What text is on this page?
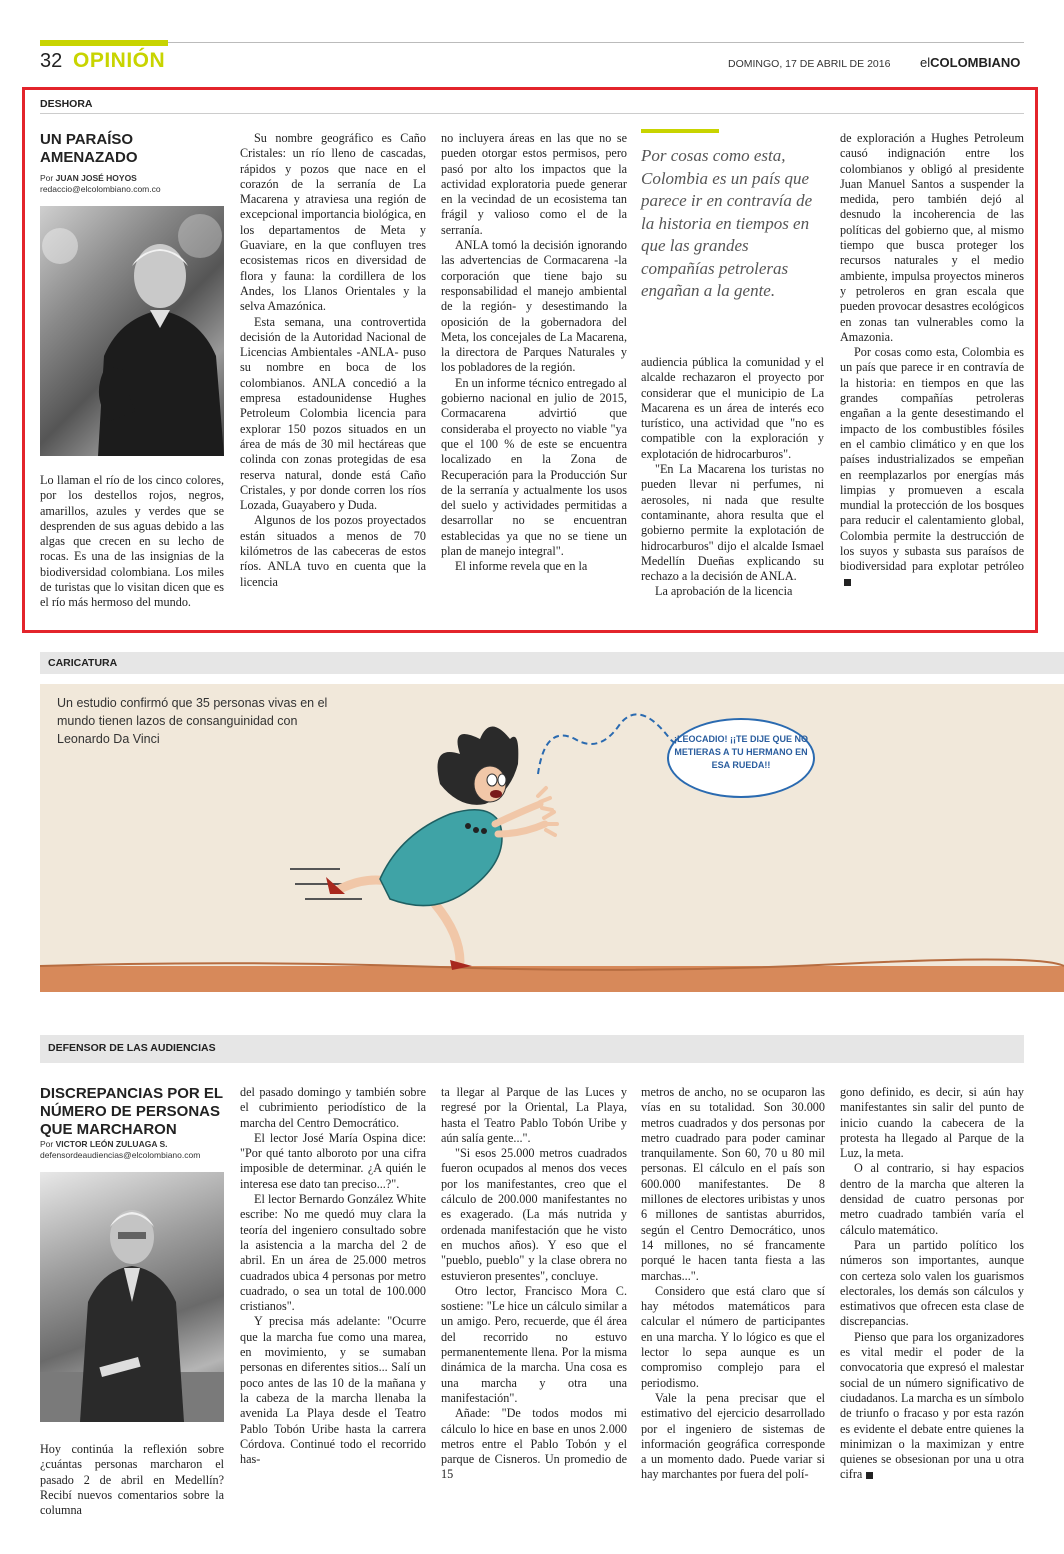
32 OPINIÓN	DOMINGO, 17 DE ABRIL DE 2016 elCOLOMBIANO
DESHORA
UN PARAÍSO AMENAZADO
Por JUAN JOSÉ HOYOS
redaccio@elcolombiano.com.co

Lo llaman el río de los cinco colores, por los destellos rojos, negros, amarillos, azules y verdes que se desprenden de sus aguas debido a las algas que crecen en su lecho de rocas. Es una de las insignias de la biodiversidad colombiana. Los miles de turistas que lo visitan dicen que es el río más hermoso del mundo.

Su nombre geográfico es Caño Cristales: un río lleno de cascadas, rápidos y pozos que nace en el corazón de la serranía de La Macarena y atraviesa una región de excepcional importancia biológica, en los departamentos de Meta y Guaviare, en la que confluyen tres ecosistemas ricos en diversidad de flora y fauna: la cordillera de los Andes, los Llanos Orientales y la selva Amazónica.

Esta semana, una controvertida decisión de la Autoridad Nacional de Licencias Ambientales -ANLA- puso su nombre en boca de los colombianos. ANLA concedió a la empresa estadounidense Hughes Petroleum Colombia licencia para explorar 150 pozos situados en un área de más de 30 mil hectáreas que colinda con zonas protegidas de esa reserva natural, donde está Caño Cristales, y por donde corren los ríos Lozada, Guayabero y Duda.

Algunos de los pozos proyectados están situados a menos de 70 kilómetros de las cabeceras de estos ríos. ANLA tuvo en cuenta que la licencia

no incluyera áreas en las que no se pueden otorgar estos permisos, pero pasó por alto los impactos que la actividad exploratoria puede generar en la vecindad de un ecosistema tan frágil y valioso como el de la serranía.

ANLA tomó la decisión ignorando las advertencias de Cormacarena -la corporación que tiene bajo su responsabilidad el manejo ambiental de la región- y desestimando la oposición de la gobernadora del Meta, los concejales de La Macarena, la directora de Parques Naturales y los pobladores de la región.

En un informe técnico entregado al gobierno nacional en julio de 2015, Cormacarena advirtió que consideraba el proyecto no viable "ya que el 100 % de este se encuentra localizado en la Zona de Recuperación para la Producción Sur de la serranía y actualmente los usos del suelo y actividades permitidas a desarrollar no se encuentran establecidas ya que no se tiene un plan de manejo integral".

El informe revela que en la

Por cosas como esta, Colombia es un país que parece ir en contravía de la historia en tiempos en que las grandes compañías petroleras engañan a la gente.

audiencia pública la comunidad y el alcalde rechazaron el proyecto por considerar que el municipio de La Macarena es un área de interés eco turístico, una actividad que "no es compatible con la exploración y explotación de hidrocarburos".

"En La Macarena los turistas no pueden llevar ni perfumes, ni aerosoles, ni nada que resulte contaminante, ahora resulta que el gobierno permite la explotación de hidrocarburos" dijo el alcalde Ismael Medellín Dueñas explicando su rechazo a la decisión de ANLA.

La aprobación de la licencia

de exploración a Hughes Petroleum causó indignación entre los colombianos y obligó al presidente Juan Manuel Santos a suspender la medida, pero también dejó al desnudo la incoherencia de las políticas del gobierno que, al mismo tiempo que busca proteger los recursos naturales y el medio ambiente, impulsa proyectos mineros y petroleros en gran escala que pueden provocar desastres ecológicos en zonas tan vulnerables como la Amazonia.

Por cosas como esta, Colombia es un país que parece ir en contravía de la historia: en tiempos en que las grandes compañías petroleras engañan a la gente desestimando el impacto de los combustibles fósiles en el cambio climático y en que los países industrializados se empeñan en reemplazarlos por energías más limpias y promueven a escala mundial la protección de los bosques para reducir el calentamiento global, Colombia permite la destrucción de los suyos y subasta sus paraísos de biodiversidad para explotar petróleo

CARICATURA
Un estudio confirmó que 35 personas vivas en el mundo tienen lazos de consanguinidad con Leonardo Da Vinci	¡LEOCADIO! ¡¡TE DIJE QUE NO METIERAS A TU HERMANO EN ESA RUEDA!!
DEFENSOR DE LAS AUDIENCIAS
DISCREPANCIAS POR EL NÚMERO DE PERSONAS QUE MARCHARON
Por VICTOR LEÓN ZULUAGA S.
defensordeaudiencias@elcolombiano.com

Hoy continúa la reflexión sobre ¿cuántas personas marcharon el pasado 2 de abril en Medellín? Recibí nuevos comentarios sobre la columna

del pasado domingo y también sobre el cubrimiento periodístico de la marcha del Centro Democrático.

El lector José María Ospina dice: "Por qué tanto alboroto por una cifra imposible de determinar. ¿A quién le interesa ese dato tan preciso...?".

El lector Bernardo González White escribe: No me quedó muy clara la teoría del ingeniero consultado sobre la asistencia a la marcha del 2 de abril. En un área de 25.000 metros cuadrados ubica 4 personas por metro cuadrado, o sea un total de 100.000 cristianos".

Y precisa más adelante: "Ocurre que la marcha fue como una marea, en movimiento, y se sumaban personas en diferentes sitios... Salí un poco antes de las 10 de la mañana y la cabeza de la marcha llenaba la avenida La Playa desde el Teatro Pablo Tobón Uribe hasta la carrera Córdova. Continué todo el recorrido has-

ta llegar al Parque de las Luces y regresé por la Oriental, La Playa, hasta el Teatro Pablo Tobón Uribe y aún salía gente...".

"Si esos 25.000 metros cuadrados fueron ocupados al menos dos veces por los manifestantes, creo que el cálculo de 200.000 manifestantes no es exagerado. (La más nutrida y ordenada manifestación que he visto en muchos años). Y eso que el "pueblo, pueblo" y la clase obrera no estuvieron presentes", concluye.

Otro lector, Francisco Mora C. sostiene: "Le hice un cálculo similar a un amigo. Pero, recuerde, que él área del recorrido no estuvo permanentemente llena. Por la misma dinámica de la marcha. Una cosa es una marcha y otra una manifestación".

Añade: "De todos modos mi cálculo lo hice en base en unos 2.000 metros entre el Pablo Tobón y el parque de Cisneros. Un promedio de 15

metros de ancho, no se ocuparon las vías en su totalidad. Son 30.000 metros cuadrados y dos personas por metro cuadrado para poder caminar tranquilamente. Son 60, 70 u 80 mil personas. El cálculo en el país son 600.000 manifestantes. De 8 millones de electores uribistas y unos 6 millones de santistas aburridos, según el Centro Democrático, unos 14 millones, no sé francamente porqué le hacen tanta fiesta a las marchas...".

Considero que está claro que sí hay métodos matemáticos para calcular el número de participantes en una marcha. Y lo lógico es que el lector lo sepa aunque es un compromiso complejo para el periodismo.

Vale la pena precisar que el estimativo del ejercicio desarrollado por el ingeniero de sistemas de información geográfica corresponde a un momento dado. Puede variar si hay marchantes por fuera del polí-

gono definido, es decir, si aún hay manifestantes sin salir del punto de inicio cuando la cabecera de la protesta ha llegado al Parque de la Luz, la meta.

O al contrario, si hay espacios dentro de la marcha que alteren la densidad de cuatro personas por metro cuadrado también varía el cálculo matemático.

Para un partido político los números son importantes, aunque con certeza solo valen los guarismos electorales, los demás son cálculos y estimativos que ofrecen esta clase de discrepancias.

Pienso que para los organizadores es vital medir el poder de la convocatoria que expresó el malestar social de un número significativo de ciudadanos. La marcha es un símbolo de triunfo o fracaso y por esta razón es evidente el debate entre quienes la minimizan o la maximizan y entre quienes se obsesionan por una u otra cifra
